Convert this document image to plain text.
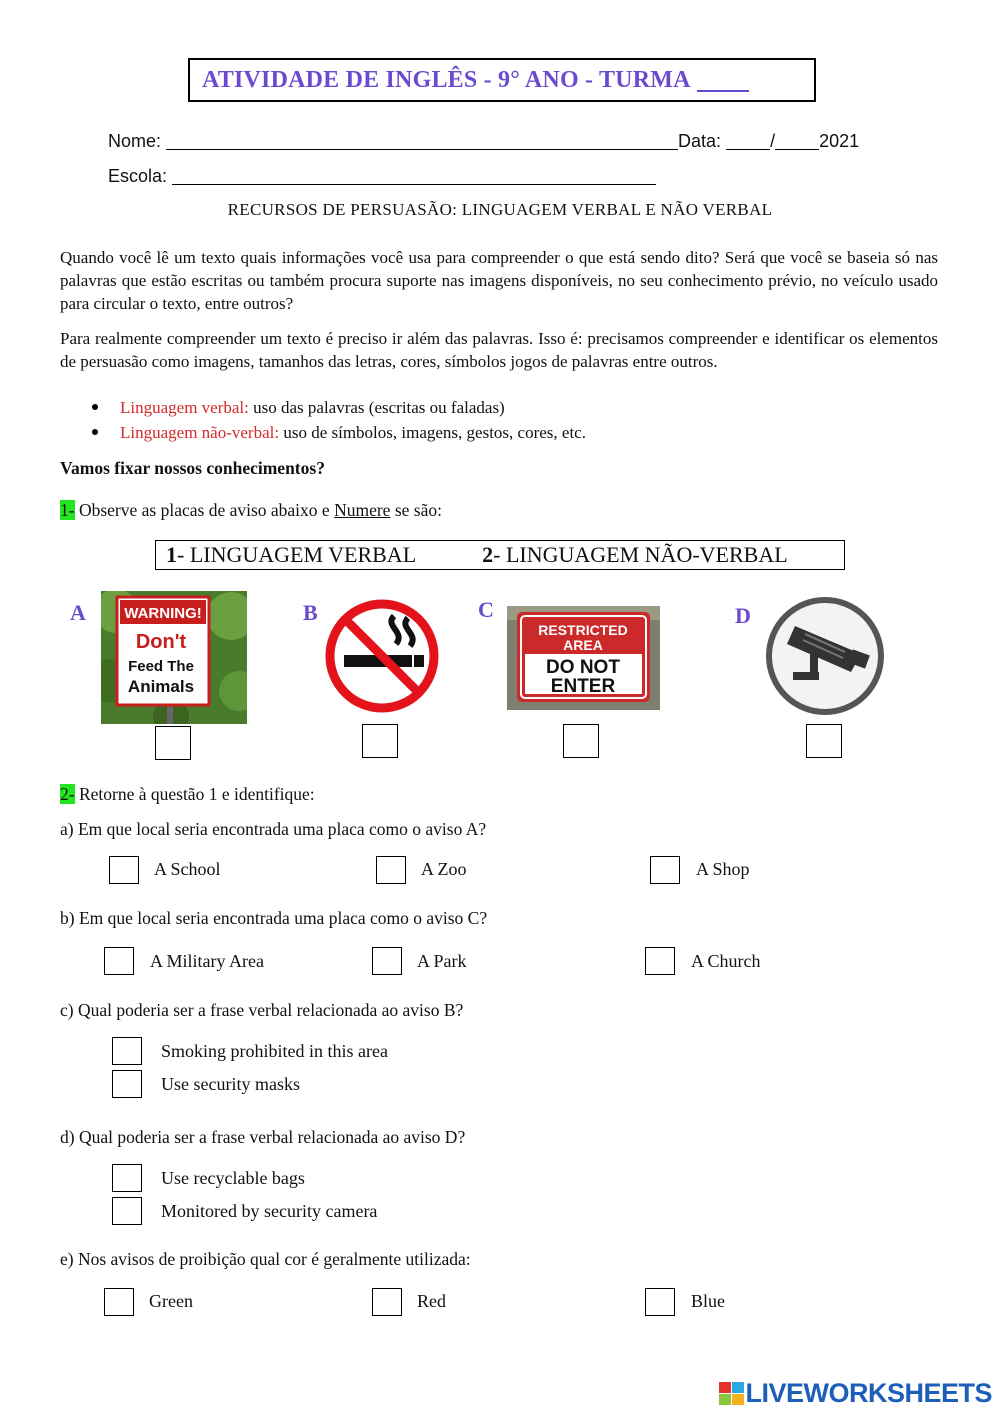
ATIVIDADE DE INGLÊS - 9° ANO - TURMA
Nome:	Data:	/ 2021
Escola:
RECURSOS DE PERSUASÃO: LINGUAGEM VERBAL E NÃO VERBAL
Quando você lê um texto quais informações você usa para compreender o que está sendo dito? Será que você se baseia só nas palavras que estão escritas ou também procura suporte nas imagens disponíveis, no seu conhecimento prévio, no veículo usado para circular o texto, entre outros?
Para realmente compreender um texto é preciso ir além das palavras. Isso é: precisamos compreender e identificar os elementos de persuasão como imagens, tamanhos das letras, cores, símbolos jogos de palavras entre outros.
Linguagem verbal: uso das palavras (escritas ou faladas)
Linguagem não-verbal: uso de símbolos, imagens, gestos, cores, etc.
Vamos fixar nossos conhecimentos?
1- Observe as placas de aviso abaixo e Numere se são:
1 - LINGUAGEM VERBAL	2 - LINGUAGEM NÃO-VERBAL
A	B	C	D
WARNING!
Don't
Feed The
Animals
RESTRICTED
AREA
DO NOT
ENTER
2- Retorne à questão 1 e identifique:
a) Em que local seria encontrada uma placa como o aviso A?
A School	A Zoo	A Shop
b) Em que local seria encontrada uma placa como o aviso C?
A Military Area	A Park	A Church
c) Qual poderia ser a frase verbal relacionada ao aviso B?
Smoking prohibited in this area
Use security masks
d) Qual poderia ser a frase verbal relacionada ao aviso D?
Use recyclable bags
Monitored by security camera
e) Nos avisos de proibição qual cor é geralmente utilizada:
Green	Red	Blue
LIVEWORKSHEETS
